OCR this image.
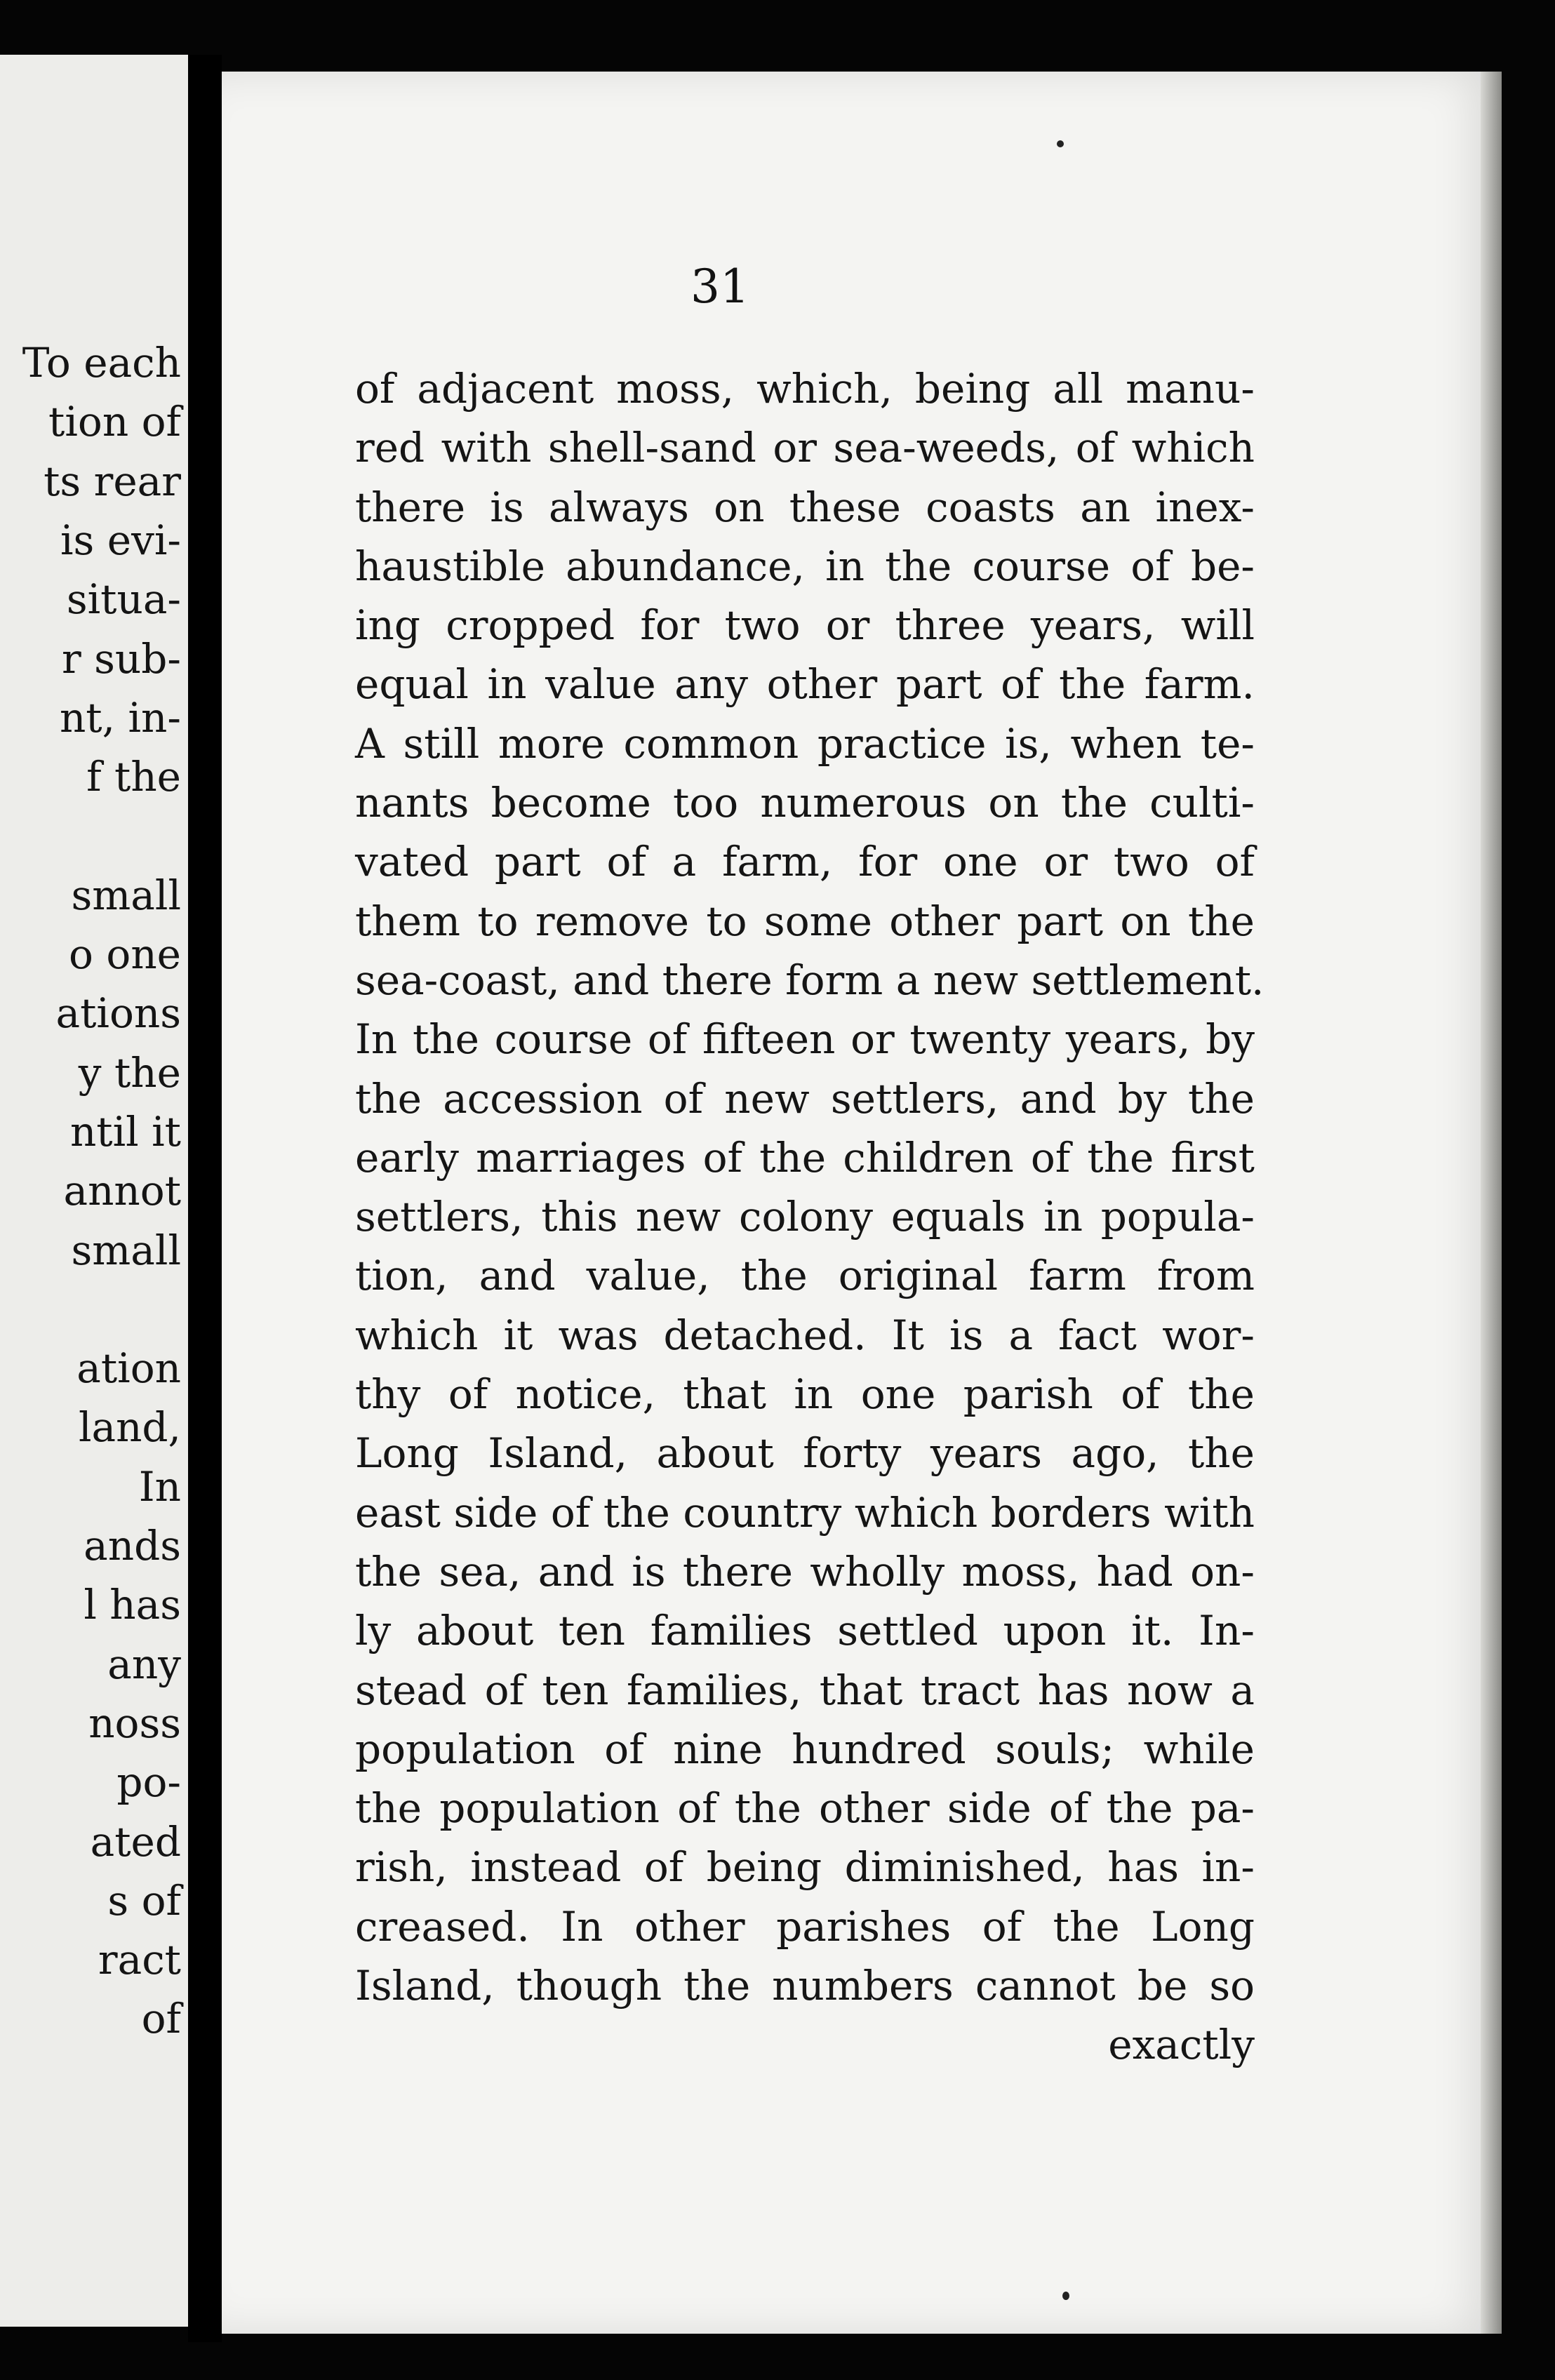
To each
tion of
ts rear
is evi-
situa-
r sub-
nt, in-
f the
small
o one
ations
y the
ntil it
annot
small
ation
land,
In
ands
l has
any
noss
po-
ated
s of
ract
of
31
of adjacent moss, which, being all manu-
red with shell-sand or sea-weeds, of which
there is always on these coasts an inex-
haustible abundance, in the course of be-
ing cropped for two or three years, will
equal in value any other part of the farm.
A still more common practice is, when te-
nants become too numerous on the culti-
vated part of a farm, for one or two of
them to remove to some other part on the
sea-coast, and there form a new settlement.
In the course of fifteen or twenty years, by
the accession of new settlers, and by the
early marriages of the children of the first
settlers, this new colony equals in popula-
tion, and value, the original farm from
which it was detached. It is a fact wor-
thy of notice, that in one parish of the
Long Island, about forty years ago, the
east side of the country which borders with
the sea, and is there wholly moss, had on-
ly about ten families settled upon it. In-
stead of ten families, that tract has now a
population of nine hundred souls; while
the population of the other side of the pa-
rish, instead of being diminished, has in-
creased. In other parishes of the Long
Island, though the numbers cannot be so
exactly
